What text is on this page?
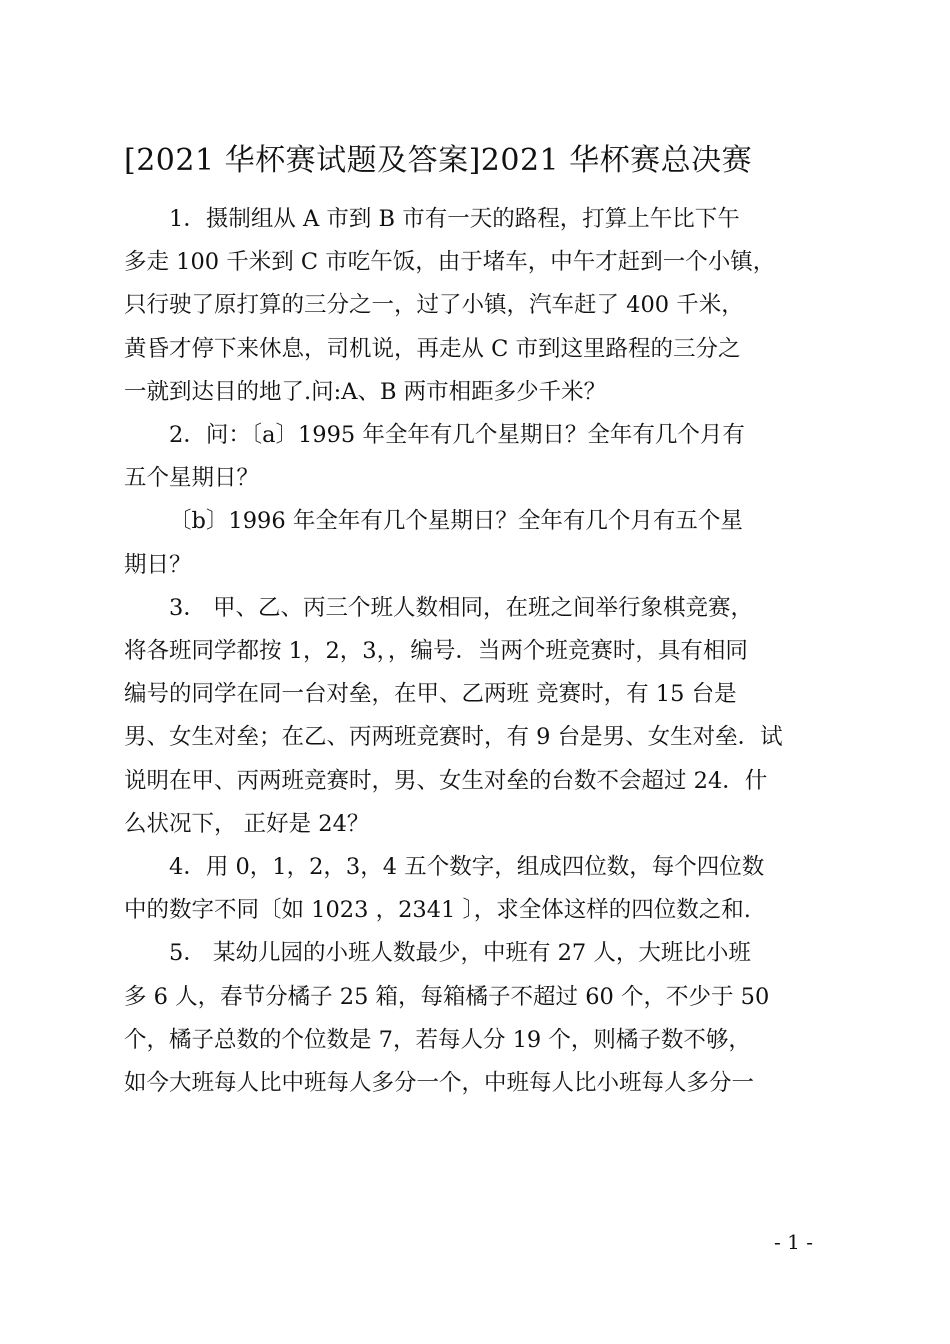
[2021 华杯赛试题及答案]2021 华杯赛总决赛
1．摄制组从 A 市到 B 市有一天的路程，打算上午比下午
多走 100 千米到 C 市吃午饭，由于堵车，中午才赶到一个小镇，
只行驶了原打算的三分之一，过了小镇，汽车赶了 400 千米，
黄昏才停下来休息，司机说，再走从 C 市到这里路程的三分之
一就到达目的地了.问:A、B 两市相距多少千米？
2．问：〔a〕1995 年全年有几个星期日？全年有几个月有
五个星期日？
〔b〕1996 年全年有几个星期日？全年有几个月有五个星
期日？
3． 甲、乙、丙三个班人数相同，在班之间举行象棋竞赛，
将各班同学都按 1，2，3，，编号．当两个班竞赛时，具有相同
编号的同学在同一台对垒，在甲、乙两班 竞赛时，有 15 台是
男、女生对垒；在乙、丙两班竞赛时，有 9 台是男、女生对垒．试
说明在甲、丙两班竞赛时，男、女生对垒的台数不会超过 24．什
么状况下， 正好是 24？
4．用 0，1，2，3，4 五个数字，组成四位数，每个四位数
中的数字不同〔如 1023 ，2341 〕，求全体这样的四位数之和.
5． 某幼儿园的小班人数最少，中班有 27 人，大班比小班
多 6 人，春节分橘子 25 箱，每箱橘子不超过 60 个，不少于 50
个，橘子总数的个位数是 7，若每人分 19 个，则橘子数不够，
如今大班每人比中班每人多分一个，中班每人比小班每人多分一
- 1 -
